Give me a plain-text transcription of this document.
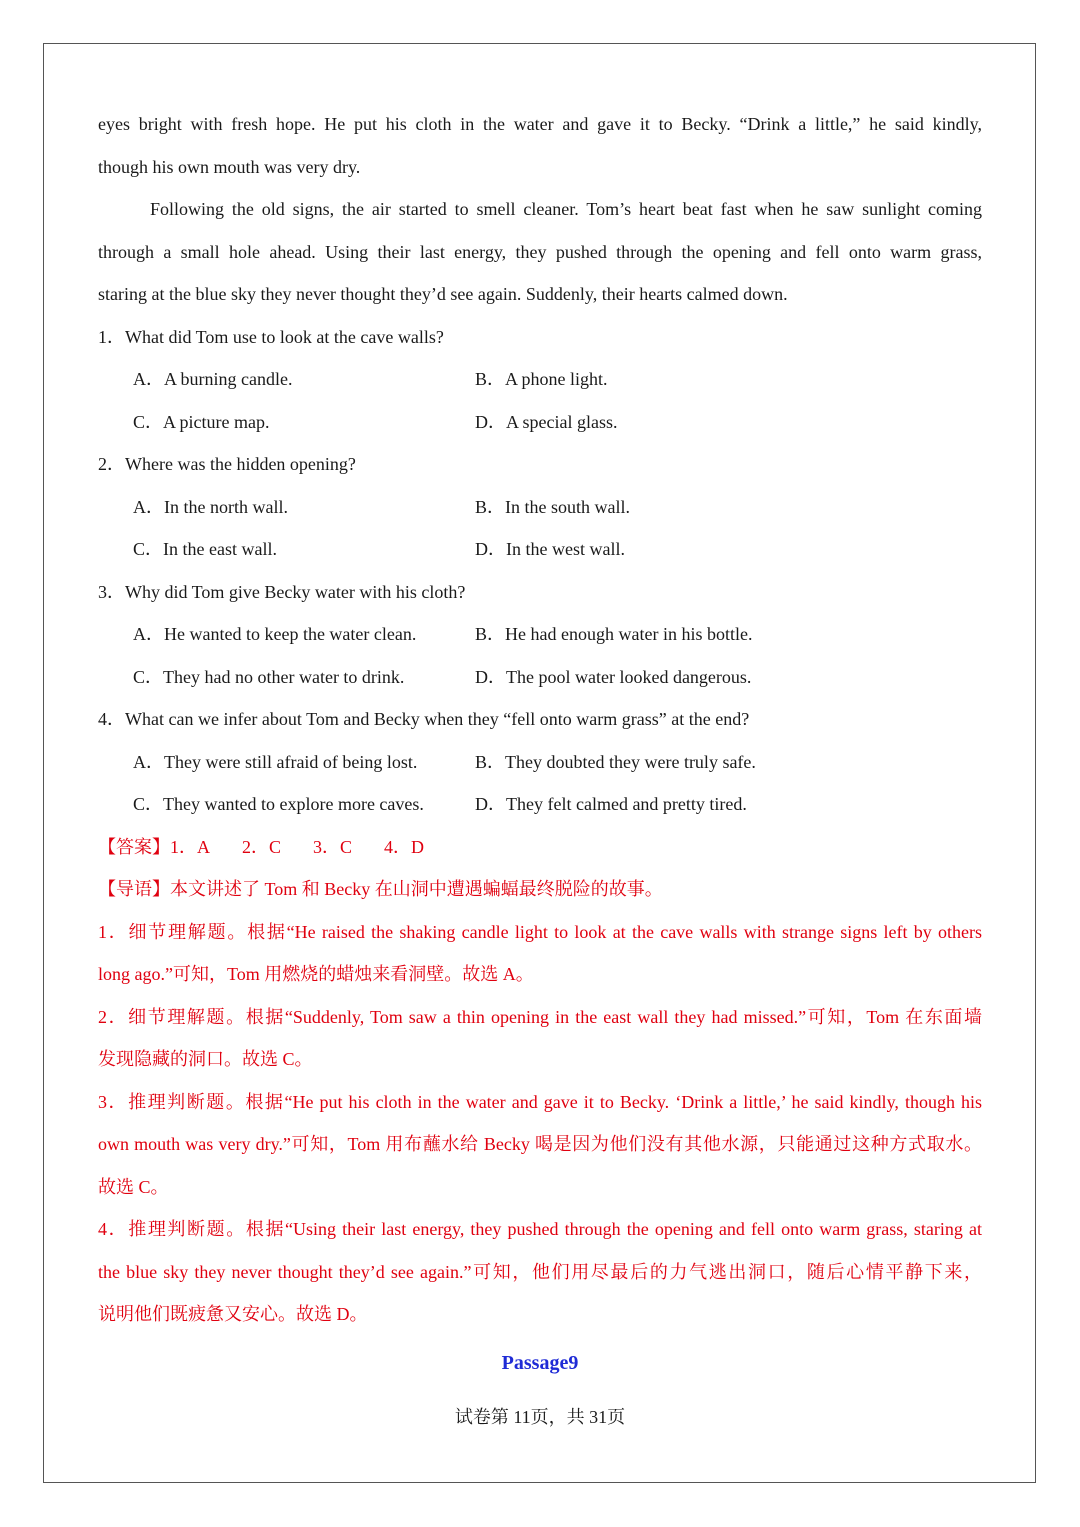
eyes bright with fresh hope. He put his cloth in the water and gave it to Becky. “Drink a little,” he said kindly,
though his own mouth was very dry.
Following the old signs, the air started to smell cleaner. Tom’s heart beat fast when he saw sunlight coming
through a small hole ahead. Using their last energy, they pushed through the opening and fell onto warm grass,
staring at the blue sky they never thought they’d see again. Suddenly, their hearts calmed down.
1．What did Tom use to look at the cave walls?
A．A burning candle.	B．A phone light.
C．A picture map.	D．A special glass.
2．Where was the hidden opening?
A．In the north wall.	B．In the south wall.
C．In the east wall.	D．In the west wall.
3．Why did Tom give Becky water with his cloth?
A．He wanted to keep the water clean.	B．He had enough water in his bottle.
C．They had no other water to drink.	D．The pool water looked dangerous.
4．What can we infer about Tom and Becky when they “fell onto warm grass” at the end?
A．They were still afraid of being lost.	B．They doubted they were truly safe.
C．They wanted to explore more caves.	D．They felt calmed and pretty tired.
【答案】1．A 2．C 3．C 4．D
【导语】本文讲述了 Tom 和 Becky 在山洞中遭遇蝙蝠最终脱险的故事。
1．细节理解题。根据“He raised the shaking candle light to look at the cave walls with strange signs left by others
long ago.”可知，Tom 用燃烧的蜡烛来看洞壁。故选 A。
2．细节理解题。根据“Suddenly, Tom saw a thin opening in the east wall they had missed.”可知，Tom 在东面墙
发现隐藏的洞口。故选 C。
3．推理判断题。根据“He put his cloth in the water and gave it to Becky. ‘Drink a little,’ he said kindly, though his
own mouth was very dry.”可知，Tom 用布蘸水给 Becky 喝是因为他们没有其他水源，只能通过这种方式取水。
故选 C。
4．推理判断题。根据“Using their last energy, they pushed through the opening and fell onto warm grass, staring at
the blue sky they never thought they’d see again.”可知，他们用尽最后的力气逃出洞口，随后心情平静下来，
说明他们既疲惫又安心。故选 D。
Passage9
试卷第 11页，共 31页
